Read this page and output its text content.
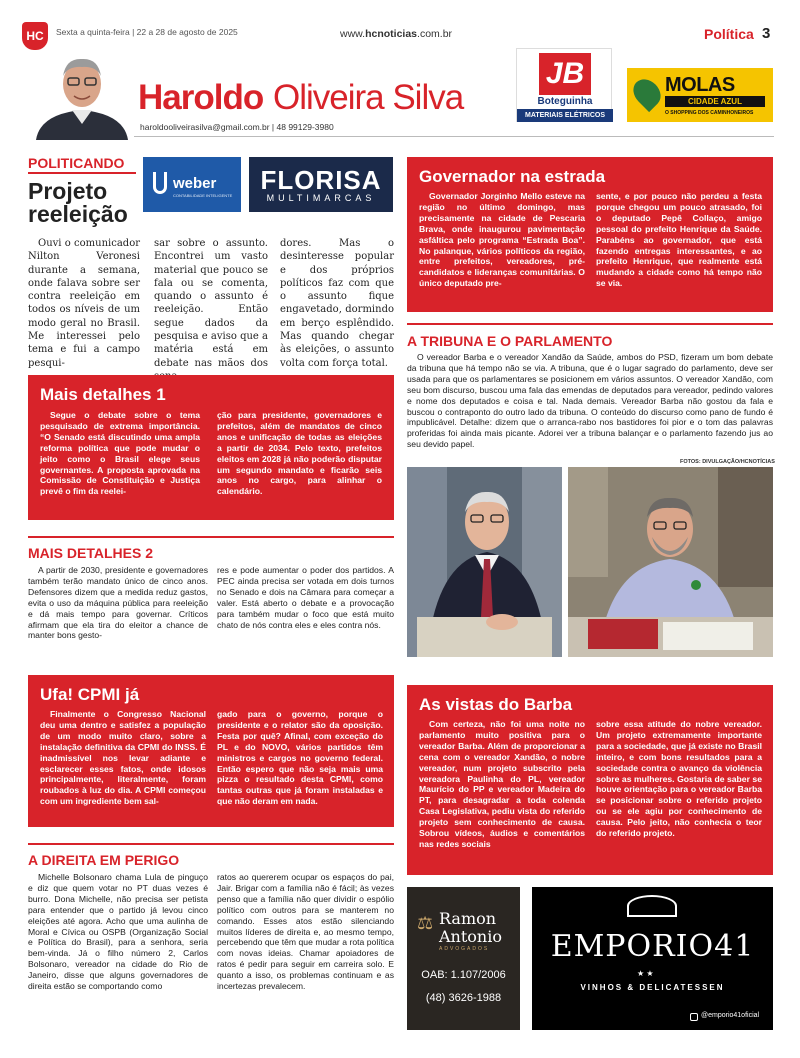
HC	Sexta a quinta-feira | 22 a 28 de agosto de 2025	www.hcnoticias.com.br	Política 3
Haroldo Oliveira Silva
haroldooliveirasilva@gmail.com.br | 48 99129-3980
JB
Boteguinha
MATERIAIS ELÉTRICOS
MOLAS
CIDADE AZUL
O SHOPPING DOS CAMINHONEIROS
POLITICANDO
Projeto reeleição
weber
CONTABILIDADE INTELIGENTE
FLORISA
MULTIMARCAS

Ouvi o comunicador Nilton Veronesi durante a semana, onde falava sobre ser contra reeleição em todos os níveis de um modo geral no Brasil. Me interessei pelo tema e fui a campo pesqui-

sar sobre o assunto. Encontrei um vasto material que pouco se fala ou se comenta, quando o assunto é reeleição. Então segue dados da pesquisa e aviso que a matéria está em debate nas mãos dos

dores. Mas o desinteresse popular e dos próprios políticos faz com que o assunto fique engavetado, dormindo em berço esplêndido. Mas quando chegar às eleições, o assunto volta com força total.

Mais detalhes 1

Segue o debate sobre o tema pesquisado de extrema importância. “O Senado está discutindo uma ampla reforma política que pode mudar o jeito como o Brasil elege seus governantes. A proposta aprovada na Comissão de Constituição e Justiça prevê o fim da reelei-

ção para presidente, governadores e prefeitos, além de mandatos de cinco anos e unificação de todas as eleições a partir de 2034. Pelo texto, prefeitos eleitos em 2028 já não poderão disputar um segundo mandato e ficarão seis anos no cargo, para alinhar o calendário.

MAIS DETALHES 2

A partir de 2030, presidente e governadores também terão mandato único de cinco anos. Defensores dizem que a medida reduz gastos, evita o uso da máquina pública para reeleição e dá mais tempo para governar. Críticos afirmam que ela tira do eleitor a chance de manter bons gesto-

res e pode aumentar o poder dos partidos. A PEC ainda precisa ser votada em dois turnos no Senado e dois na Câmara para começar a valer. Está aberto o debate e a provocação para também mudar o foco que está muito chato de nós contra eles e eles contra nós.

Ufa! CPMI já

Finalmente o Congresso Nacional deu uma dentro e satisfez a população de um modo muito claro, sobre a instalação definitiva da CPMI do INSS. É inadmissível nos levar adiante e esclarecer esses fatos, onde idosos principalmente, literalmente, foram roubados à luz do dia. A CPMI começou com um ingrediente bem sal-

gado para o governo, porque o presidente e o relator são da oposição. Festa por quê? Afinal, com exceção do PL e do NOVO, vários partidos têm ministros e cargos no governo federal. Então espero que não seja mais uma pizza o resultado desta CPMI, como tantas outras que já foram instaladas e que não deram em nada.

A DIREITA EM PERIGO

Michelle Bolsonaro chama Lula de pinguço e diz que quem votar no PT duas vezes é burro. Dona Michelle, não precisa ser petista para entender que o partido já levou cinco eleições até agora. Acho que uma aulinha de Moral e Cívica ou OSPB (Organização Social e Política do Brasil), para a senhora, seria bem-vinda. Já o filho número 2, Carlos Bolsonaro, vereador na cidade do Rio de Janeiro, disse que alguns governadores de direita estão se comportando como

ratos ao quererem ocupar os espaços do pai, Jair. Brigar com a família não é fácil; às vezes penso que a família não quer dividir o espólio político com outros para se manterem no comando. Esses atos estão silenciando muitos líderes de direita e, ao mesmo tempo, percebendo que têm que mudar a rota política com novas ideias. Chamar apoiadores de ratos é pedir para seguir em carreira solo. E quanto a isso, os problemas continuam e as incertezas prevalecem.

Governador na estrada

Governador Jorginho Mello esteve na região no último domingo, mas precisamente na cidade de Pescaria Brava, onde inaugurou pavimentação asfáltica pelo programa “Estrada Boa”. No palanque, vários políticos da região, entre prefeitos, vereadores, pré-candidatos e lideranças comunitárias. O único deputado pre-

sente, e por pouco não perdeu a festa porque chegou um pouco atrasado, foi o deputado Pepê Collaço, amigo pessoal do prefeito Henrique da Saúde. Parabéns ao governador, que está fazendo entregas interessantes, e ao prefeito Henrique, que realmente está mudando a cidade como há tempo não se via.

A TRIBUNA E O PARLAMENTO

O vereador Barba e o vereador Xandão da Saúde, ambos do PSD, fizeram um bom debate da tribuna que há tempo não se via. A tribuna, que é o lugar sagrado do parlamento, deve ser usada para que os parlamentares se posicionem em vários assuntos. O vereador Xandão, com seu bom discurso, buscou uma fala das emendas de deputados para vereador, pedindo valores e nome dos deputados e coisa e tal. Nada demais. Vereador Barba não gostou da fala e buscou o contraponto do outro lado da tribuna. O conteúdo do discurso como pano de fundo é impublicável. Detalhe: dizem que o arranca-rabo nos bastidores foi pior e o tom das palavras proferidas foi ainda mais picante. Adorei ver a tribuna balançar e o parlamento fazendo jus ao seu devido papel.

FOTOS: DIVULGAÇÃO/HCNOTÍCIAS
As vistas do Barba

Com certeza, não foi uma noite no parlamento muito positiva para o vereador Barba. Além de proporcionar a cena com o vereador Xandão, o nobre vereador, num projeto subscrito pela vereadora Paulinha do PL, vereador Maurício do PP e vereador Madeira do PT, para desagradar a toda colenda Casa Legislativa, pediu vista do referido projeto sem conhecimento de causa. Sobrou vídeos, áudios e comentários nas redes sociais

sobre essa atitude do nobre vereador. Um projeto extremamente importante para a sociedade, que já existe no Brasil inteiro, e com bons resultados para a sociedade contra o avanço da violência sobre as mulheres. Gostaria de saber se houve orientação para o vereador Barba se posicionar sobre o referido projeto ou se ele agiu por conhecimento de causa. Pelo jeito, não conhecia o teor do referido projeto.

⚖ Ramon
Antonio
ADVOGADOS
OAB: 1.107/2006
(48) 3626-1988
EMPORIO41
★ ★
VINHOS & DELICATESSEN
@emporio41oficial
